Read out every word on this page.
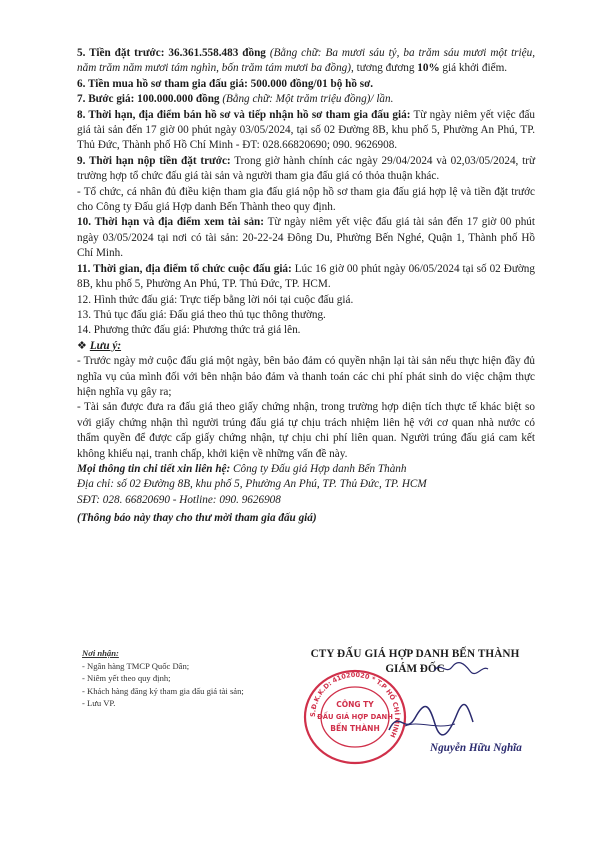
5. Tiền đặt trước: 36.361.558.483 đồng (Bằng chữ: Ba mươi sáu tỷ, ba trăm sáu mươi một triệu, năm trăm năm mươi tám nghìn, bốn trăm tám mươi ba đồng), tương đương 10% giá khởi điểm.

6. Tiền mua hồ sơ tham gia đấu giá: 500.000 đồng/01 bộ hồ sơ.

7. Bước giá: 100.000.000 đồng (Bằng chữ: Một trăm triệu đồng)/ lần.

8. Thời hạn, địa điểm bán hồ sơ và tiếp nhận hồ sơ tham gia đấu giá: Từ ngày niêm yết việc đấu giá tài sản đến 17 giờ 00 phút ngày 03/05/2024, tại số 02 Đường 8B, khu phố 5, Phường An Phú, TP. Thủ Đức, Thành phố Hồ Chí Minh - ĐT: 028.66820690; 090. 9626908.

9. Thời hạn nộp tiền đặt trước: Trong giờ hành chính các ngày 29/04/2024 và 02,03/05/2024, trừ trường hợp tổ chức đấu giá tài sản và người tham gia đấu giá có thỏa thuận khác.

- Tổ chức, cá nhân đủ điều kiện tham gia đấu giá nộp hồ sơ tham gia đấu giá hợp lệ và tiền đặt trước cho Công ty Đấu giá Hợp danh Bến Thành theo quy định.

10. Thời hạn và địa điểm xem tài sản: Từ ngày niêm yết việc đấu giá tài sản đến 17 giờ 00 phút ngày 03/05/2024 tại nơi có tài sản: 20-22-24 Đông Du, Phường Bến Nghé, Quận 1, Thành phố Hồ Chí Minh.

11. Thời gian, địa điểm tổ chức cuộc đấu giá: Lúc 16 giờ 00 phút ngày 06/05/2024 tại số 02 Đường 8B, khu phố 5, Phường An Phú, TP. Thủ Đức, TP. HCM.

12. Hình thức đấu giá: Trực tiếp bằng lời nói tại cuộc đấu giá.

13. Thủ tục đấu giá: Đấu giá theo thủ tục thông thường.

14. Phương thức đấu giá: Phương thức trả giá lên.

❖ Lưu ý:

- Trước ngày mở cuộc đấu giá một ngày, bên bảo đảm có quyền nhận lại tài sản nếu thực hiện đầy đủ nghĩa vụ của mình đối với bên nhận bảo đảm và thanh toán các chi phí phát sinh do việc chậm thực hiện nghĩa vụ gây ra;

- Tài sản được đưa ra đấu giá theo giấy chứng nhận, trong trường hợp diện tích thực tế khác biệt so với giấy chứng nhận thì người trúng đấu giá tự chịu trách nhiệm liên hệ với cơ quan nhà nước có thẩm quyền để được cấp giấy chứng nhận, tự chịu chi phí liên quan. Người trúng đấu giá cam kết không khiếu nại, tranh chấp, khởi kiện về những vấn đề này.

Mọi thông tin chi tiết xin liên hệ: Công ty Đấu giá Hợp danh Bến Thành

Địa chỉ: số 02 Đường 8B, khu phố 5, Phường An Phú, TP. Thủ Đức, TP. HCM

SĐT: 028. 66820690 - Hotline: 090. 9626908

(Thông báo này thay cho thư mời tham gia đấu giá)

Nơi nhận:

- Ngân hàng TMCP Quốc Dân;

- Niêm yết theo quy định;

- Khách hàng đăng ký tham gia đấu giá tài sản;

- Lưu VP.

CTY ĐẤU GIÁ HỢP DANH BẾN THÀNH
GIÁM ĐỐC
S.Đ.K.K.D: 41020020 * T.P HỒ CHÍ MINH
CÔNG TY
ĐẤU GIÁ HỢP DANH
BẾN THÀNH
Nguyễn Hữu Nghĩa
